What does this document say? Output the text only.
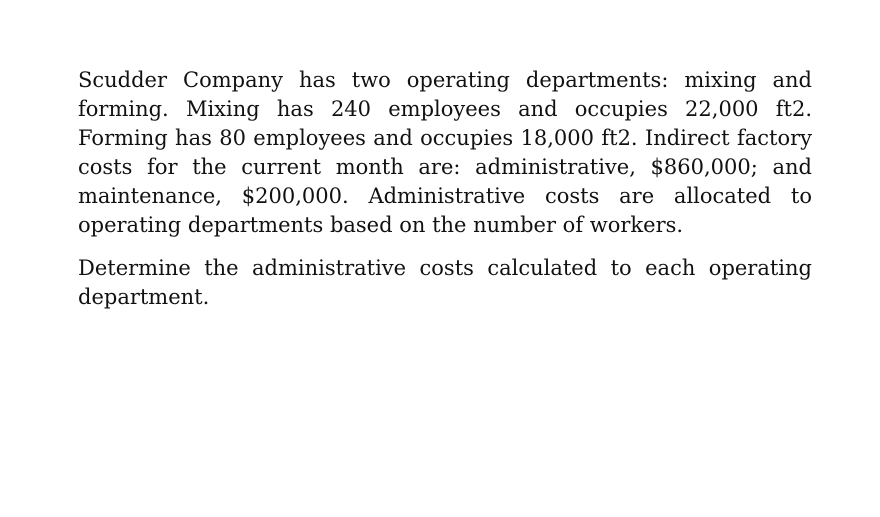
Scudder Company has two operating departments: mixing and forming. Mixing has 240 employees and occupies 22,000 ft2. Forming has 80 employees and occupies 18,000 ft2. Indirect factory costs for the current month are: administrative, $860,000; and maintenance, $200,000. Administrative costs are allocated to operating departments based on the number of workers.

Determine the administrative costs calculated to each operating department.
